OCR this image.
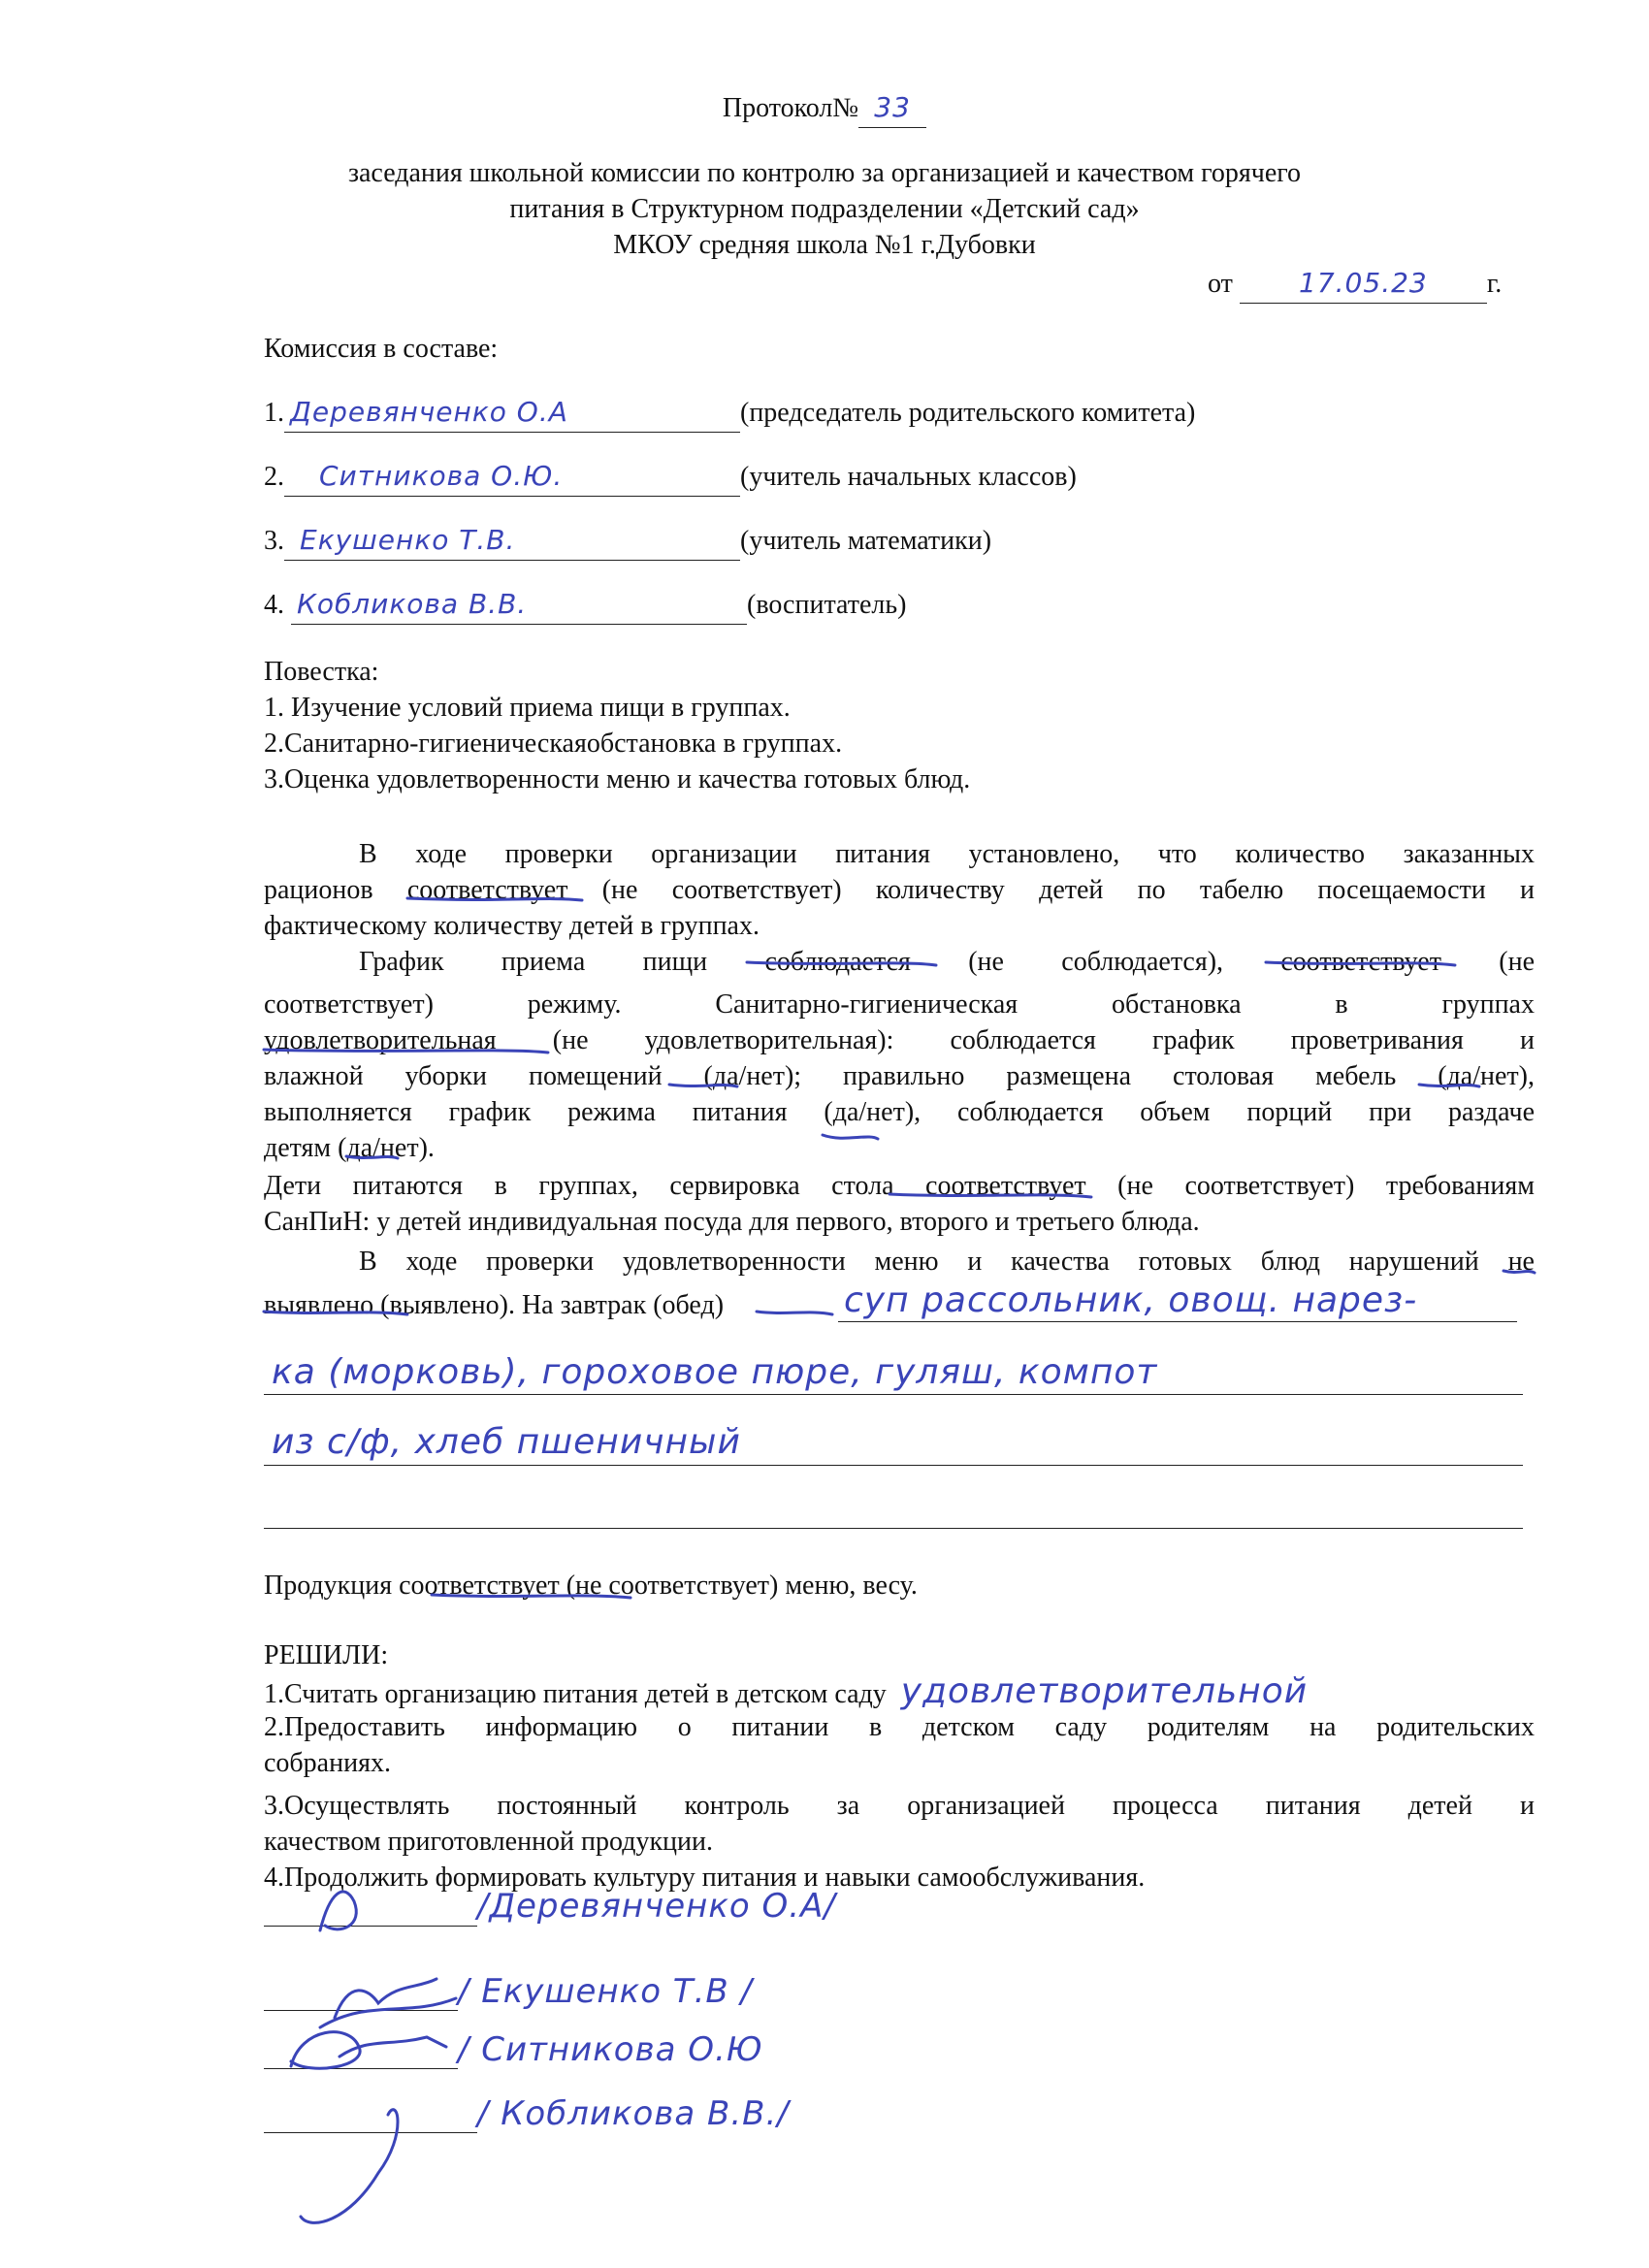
Протокол№ 33
заседания школьной комиссии по контролю за организацией и качеством горячего
питания в Структурном подразделении «Детский сад»
МКОУ средняя школа №1 г.Дубовки
от 17.05.23 г.
Комиссия в составе:
1. Деревянченко О.А	(председатель родительского комитета)
2. Ситникова О.Ю.	(учитель начальных классов)
3. Екушенко Т.В.	(учитель математики)
4. Кобликова В.В.	(воспитатель)
Повестка:
1. Изучение условий приема пищи в группах.
2.Санитарно-гигиеническаяобстановка в группах.
3.Оценка удовлетворенности меню и качества готовых блюд.
В ходе проверки организации питания установлено, что количество заказанных
рационов соответствует (не соответствует) количеству детей по табелю посещаемости и
фактическому количеству детей в группах.
График приема пищи соблюдается (не соблюдается), соответствует (не
соответствует) режиму. Санитарно-гигиеническая обстановка в группах
удовлетворительная (не удовлетворительная): соблюдается график проветривания и
влажной уборки помещений (да/нет); правильно размещена столовая мебель (да/нет),
выполняется график режима питания (да/нет), соблюдается объем порций при раздаче
детям (да/нет).
Дети питаются в группах, сервировка стола соответствует (не соответствует) требованиям
СанПиН: у детей индивидуальная посуда для первого, второго и третьего блюда.
В ходе проверки удовлетворенности меню и качества готовых блюд нарушений не
выявлено (выявлено). На завтрак (обед)	суп рассольник, овощ. нарез-
ка (морковь), гороховое пюре, гуляш, компот
из с/ф, хлеб пшеничный
Продукция соответствует (не соответствует) меню, весу.
РЕШИЛИ:
1.Считать организацию питания детей в детском саду удовлетворительной
2.Предоставить информацию о питании в детском саду родителям на родительских
собраниях.
3.Осуществлять постоянный контроль за организацией процесса питания детей и
качеством приготовленной продукции.
4.Продолжить формировать культуру питания и навыки самообслуживания.
/Деревянченко О.А/
/ Екушенко Т.В /
/ Ситникова О.Ю
/ Кобликова В.В./
